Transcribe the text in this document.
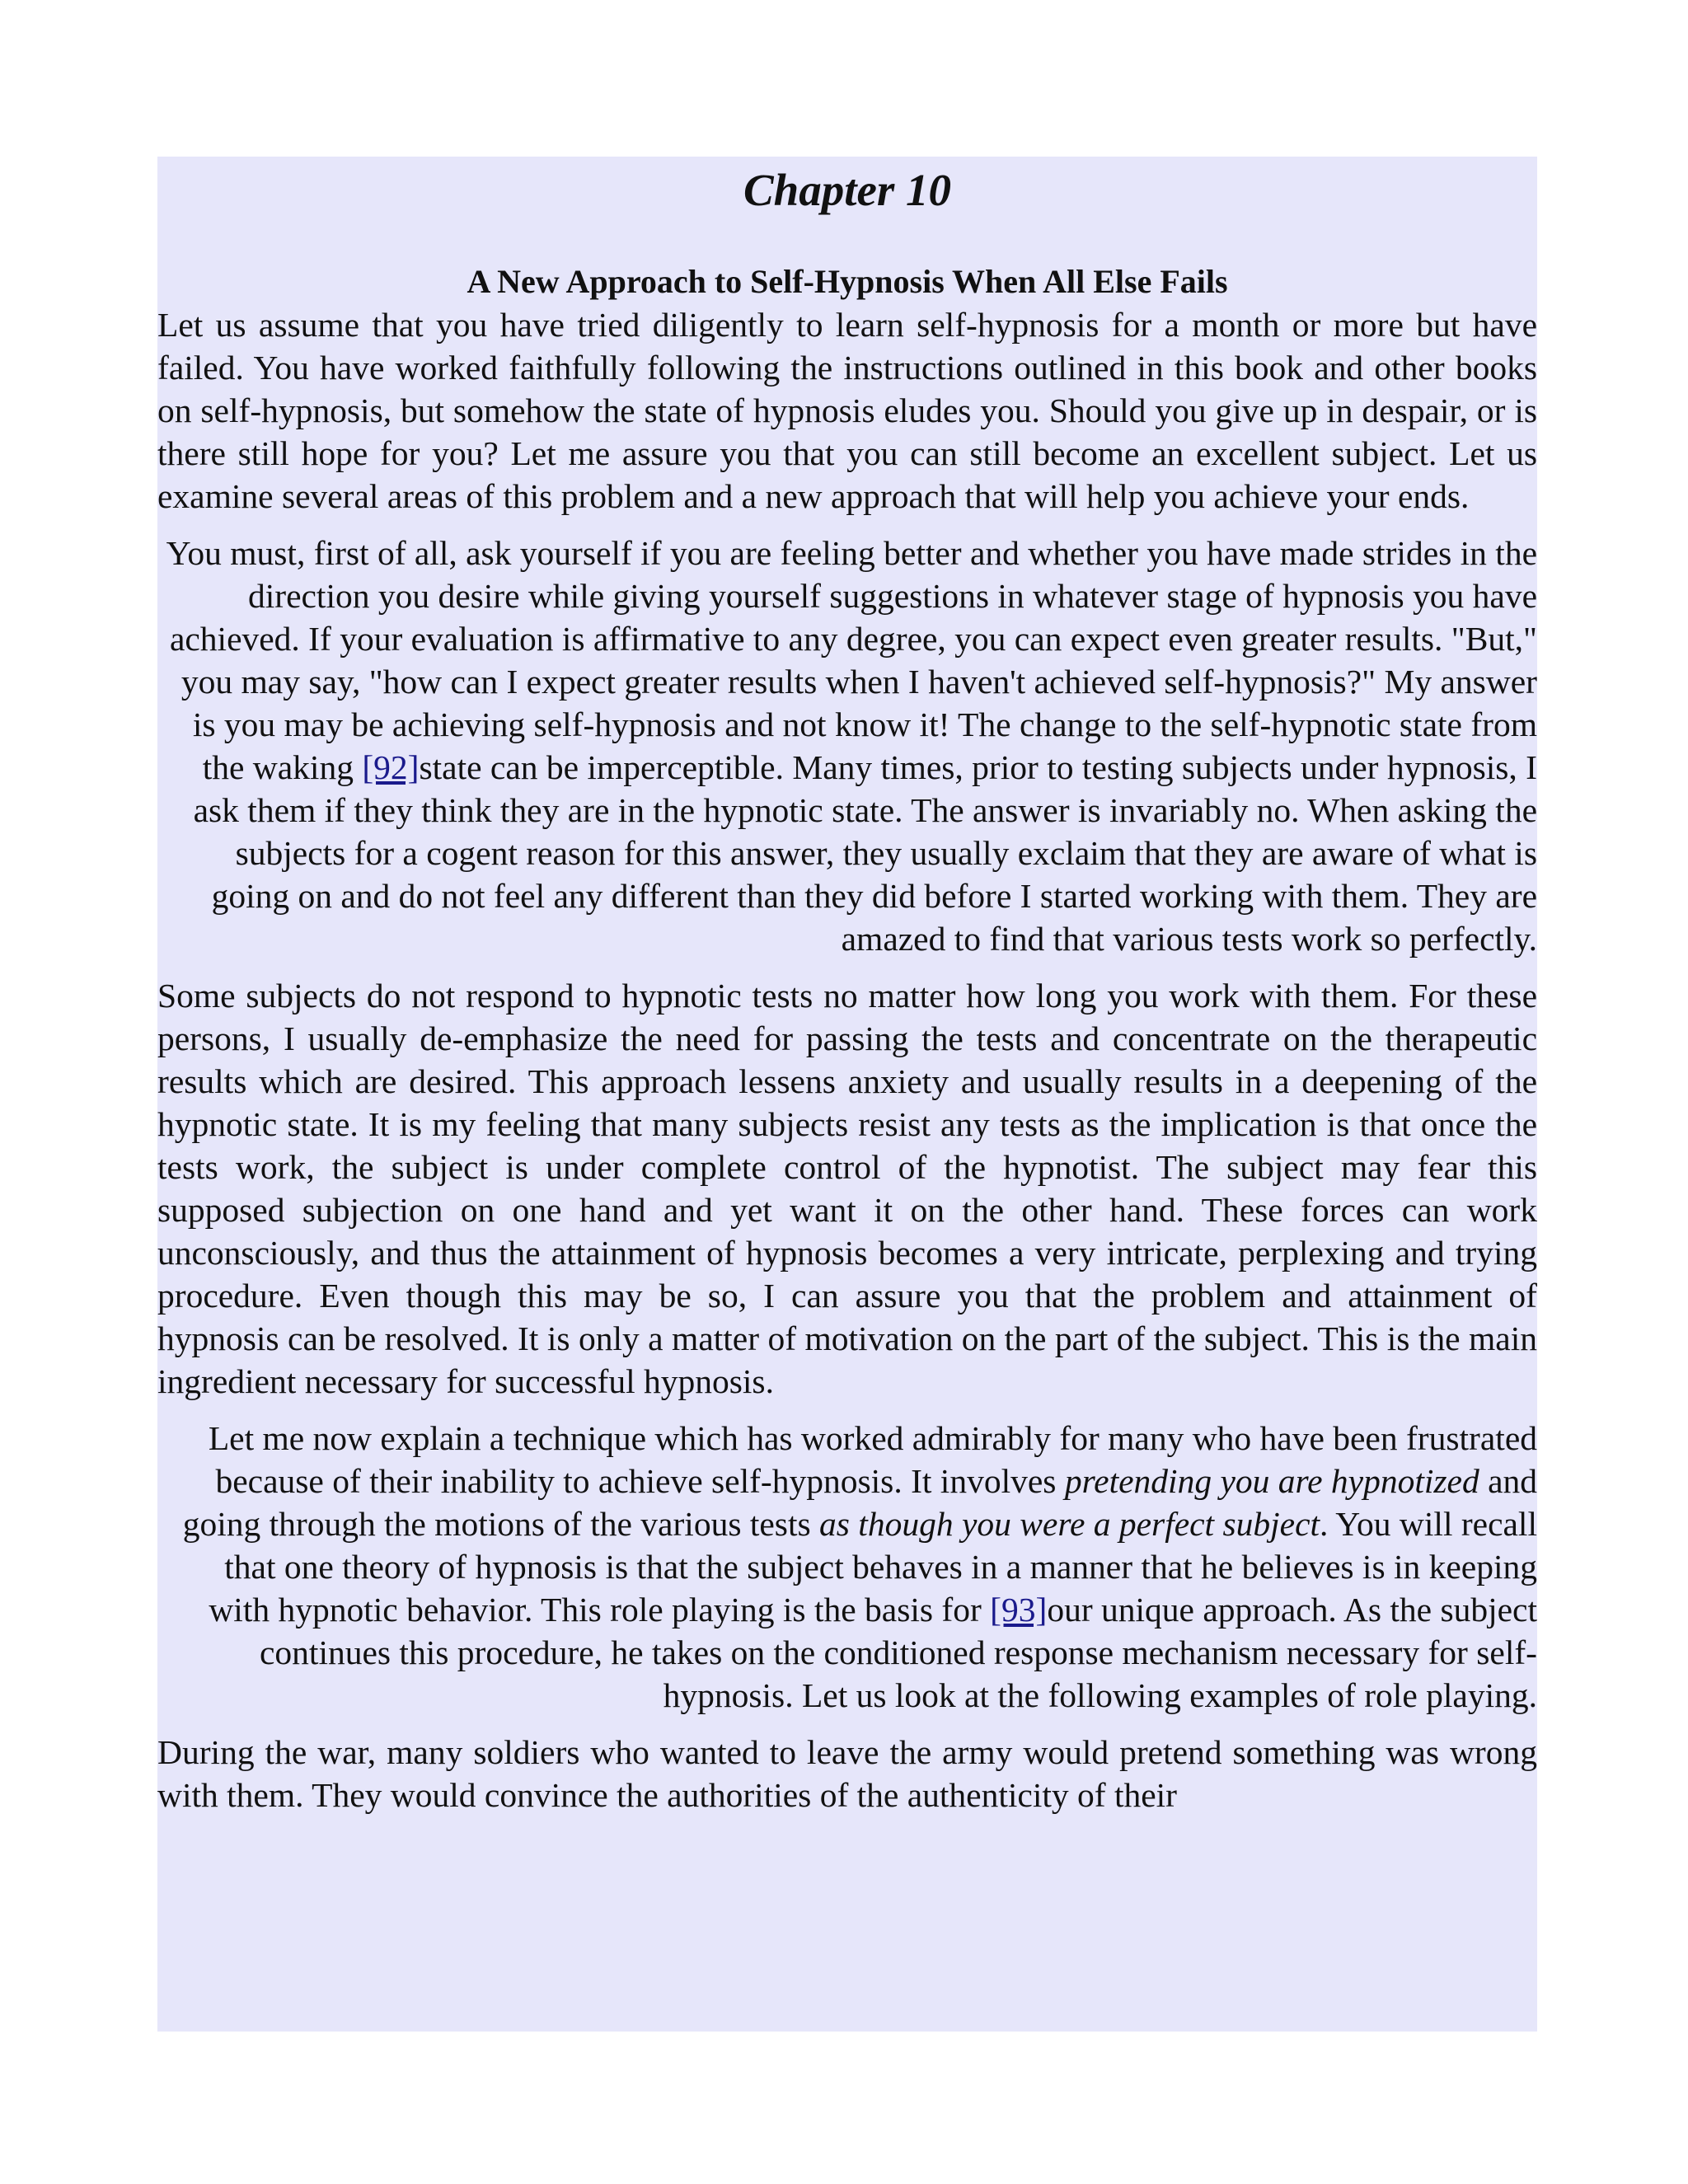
Chapter 10
A New Approach to Self-Hypnosis When All Else Fails

Let us assume that you have tried diligently to learn self-hypnosis for a month or more but have failed. You have worked faithfully following the instructions outlined in this book and other books on self-hypnosis, but somehow the state of hypnosis eludes you. Should you give up in despair, or is there still hope for you? Let me assure you that you can still become an excellent subject. Let us examine several areas of this problem and a new approach that will help you achieve your ends.

You must, first of all, ask yourself if you are feeling better and whether you have made strides in the direction you desire while giving yourself suggestions in whatever stage of hypnosis you have achieved. If your evaluation is affirmative to any degree, you can expect even greater results. "But," you may say, "how can I expect greater results when I haven't achieved self-hypnosis?" My answer is you may be achieving self-hypnosis and not know it! The change to the self-hypnotic state from the waking [92]state can be imperceptible. Many times, prior to testing subjects under hypnosis, I ask them if they think they are in the hypnotic state. The answer is invariably no. When asking the subjects for a cogent reason for this answer, they usually exclaim that they are aware of what is going on and do not feel any different than they did before I started working with them. They are amazed to find that various tests work so perfectly.

Some subjects do not respond to hypnotic tests no matter how long you work with them. For these persons, I usually de-emphasize the need for passing the tests and concentrate on the therapeutic results which are desired. This approach lessens anxiety and usually results in a deepening of the hypnotic state. It is my feeling that many subjects resist any tests as the implication is that once the tests work, the subject is under complete control of the hypnotist. The subject may fear this supposed subjection on one hand and yet want it on the other hand. These forces can work unconsciously, and thus the attainment of hypnosis becomes a very intricate, perplexing and trying procedure. Even though this may be so, I can assure you that the problem and attainment of hypnosis can be resolved. It is only a matter of motivation on the part of the subject. This is the main ingredient necessary for successful hypnosis.

Let me now explain a technique which has worked admirably for many who have been frustrated because of their inability to achieve self-hypnosis. It involves pretending you are hypnotized and going through the motions of the various tests as though you were a perfect subject. You will recall that one theory of hypnosis is that the subject behaves in a manner that he believes is in keeping with hypnotic behavior. This role playing is the basis for [93]our unique approach. As the subject continues this procedure, he takes on the conditioned response mechanism necessary for self-hypnosis. Let us look at the following examples of role playing.

During the war, many soldiers who wanted to leave the army would pretend something was wrong with them. They would convince the authorities of the authenticity of their
